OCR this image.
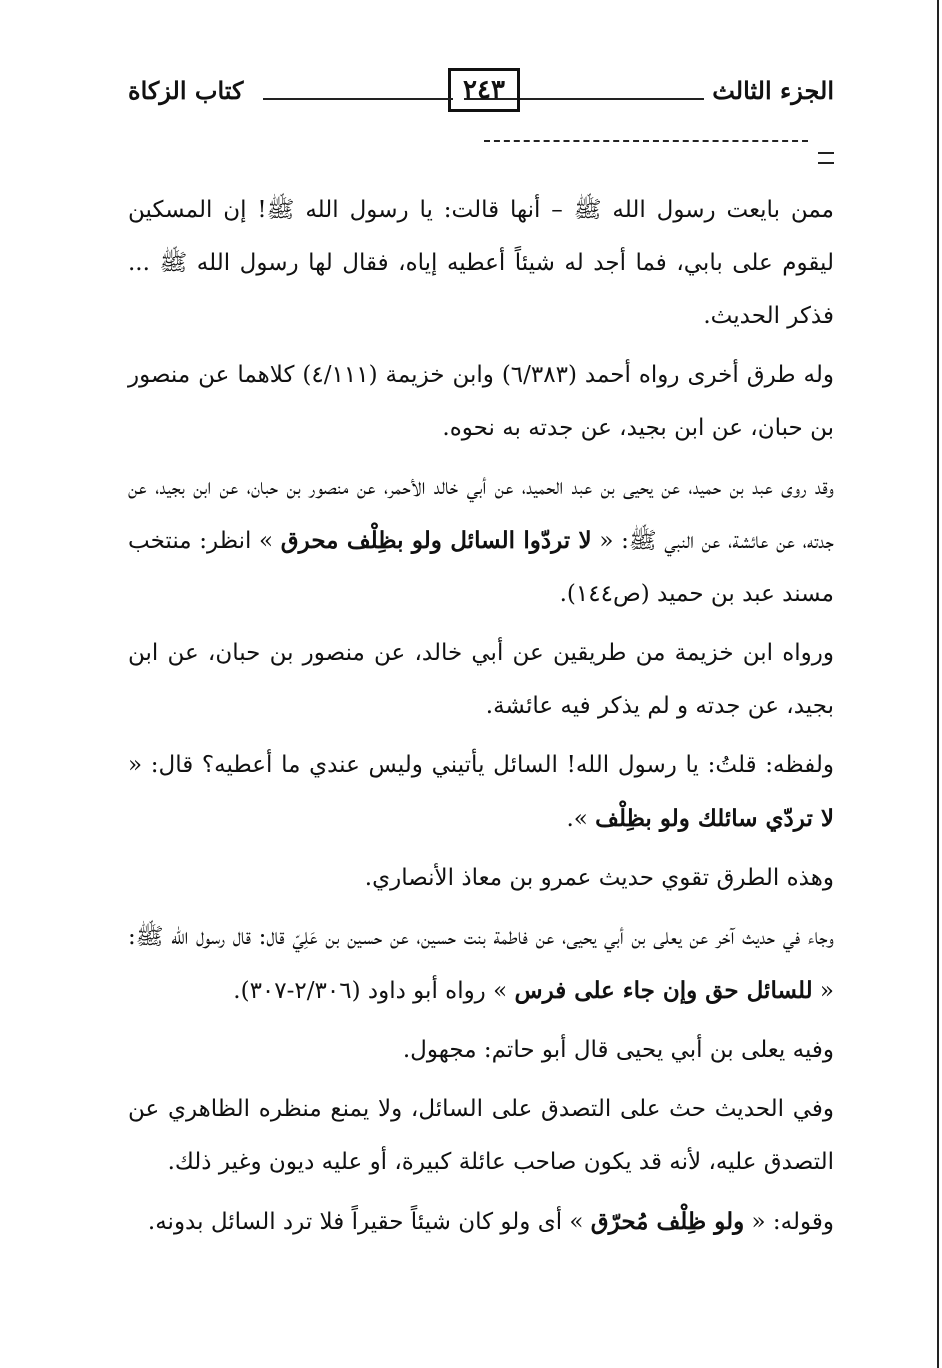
الجزء الثالث
٢٤٣
كتاب الزكاة

ممن بايعت رسول الله ﷺ – أنها قالت: يا رسول الله ﷺ! إن المسكين ليقوم على بابي، فما أجد له شيئاً أعطيه إياه، فقال لها رسول الله ﷺ ... فذكر الحديث.

وله طرق أخرى رواه أحمد (٦/٣٨٣) وابن خزيمة (٤/١١١) كلاهما عن منصور بن حبان، عن ابن بجيد، عن جدته به نحوه.

وقد روى عبد بن حميد، عن يحيى بن عبد الحميد، عن أبي خالد الأحمر، عن منصور بن حبان، عن ابن بجيد، عن جدته، عن عائشة، عن النبي ﷺ: « لا تردّوا السائل ولو بظِلْف محرق » انظر: منتخب مسند عبد بن حميد (ص١٤٤).

ورواه ابن خزيمة من طريقين عن أبي خالد، عن منصور بن حبان، عن ابن بجيد، عن جدته و لم يذكر فيه عائشة.

ولفظه: قلتُ: يا رسول الله! السائل يأتيني وليس عندي ما أعطيه؟ قال: « لا تردّي سائلك ولو بظِلْف ».

وهذه الطرق تقوي حديث عمرو بن معاذ الأنصاري.

وجاء في حديث آخر عن يعلى بن أبي يحيى، عن فاطمة بنت حسين، عن حسين بن عَلِيّ قال: قال رسول الله ﷺ: « للسائل حق وإن جاء على فرس » رواه أبو داود (٢/٣٠٦-٣٠٧).

وفيه يعلى بن أبي يحيى قال أبو حاتم: مجهول.

وفي الحديث حث على التصدق على السائل، ولا يمنع منظره الظاهري عن التصدق عليه، لأنه قد يكون صاحب عائلة كبيرة، أو عليه ديون وغير ذلك.

وقوله: « ولو ظِلْف مُحرّق » أى ولو كان شيئاً حقيراً فلا ترد السائل بدونه.
